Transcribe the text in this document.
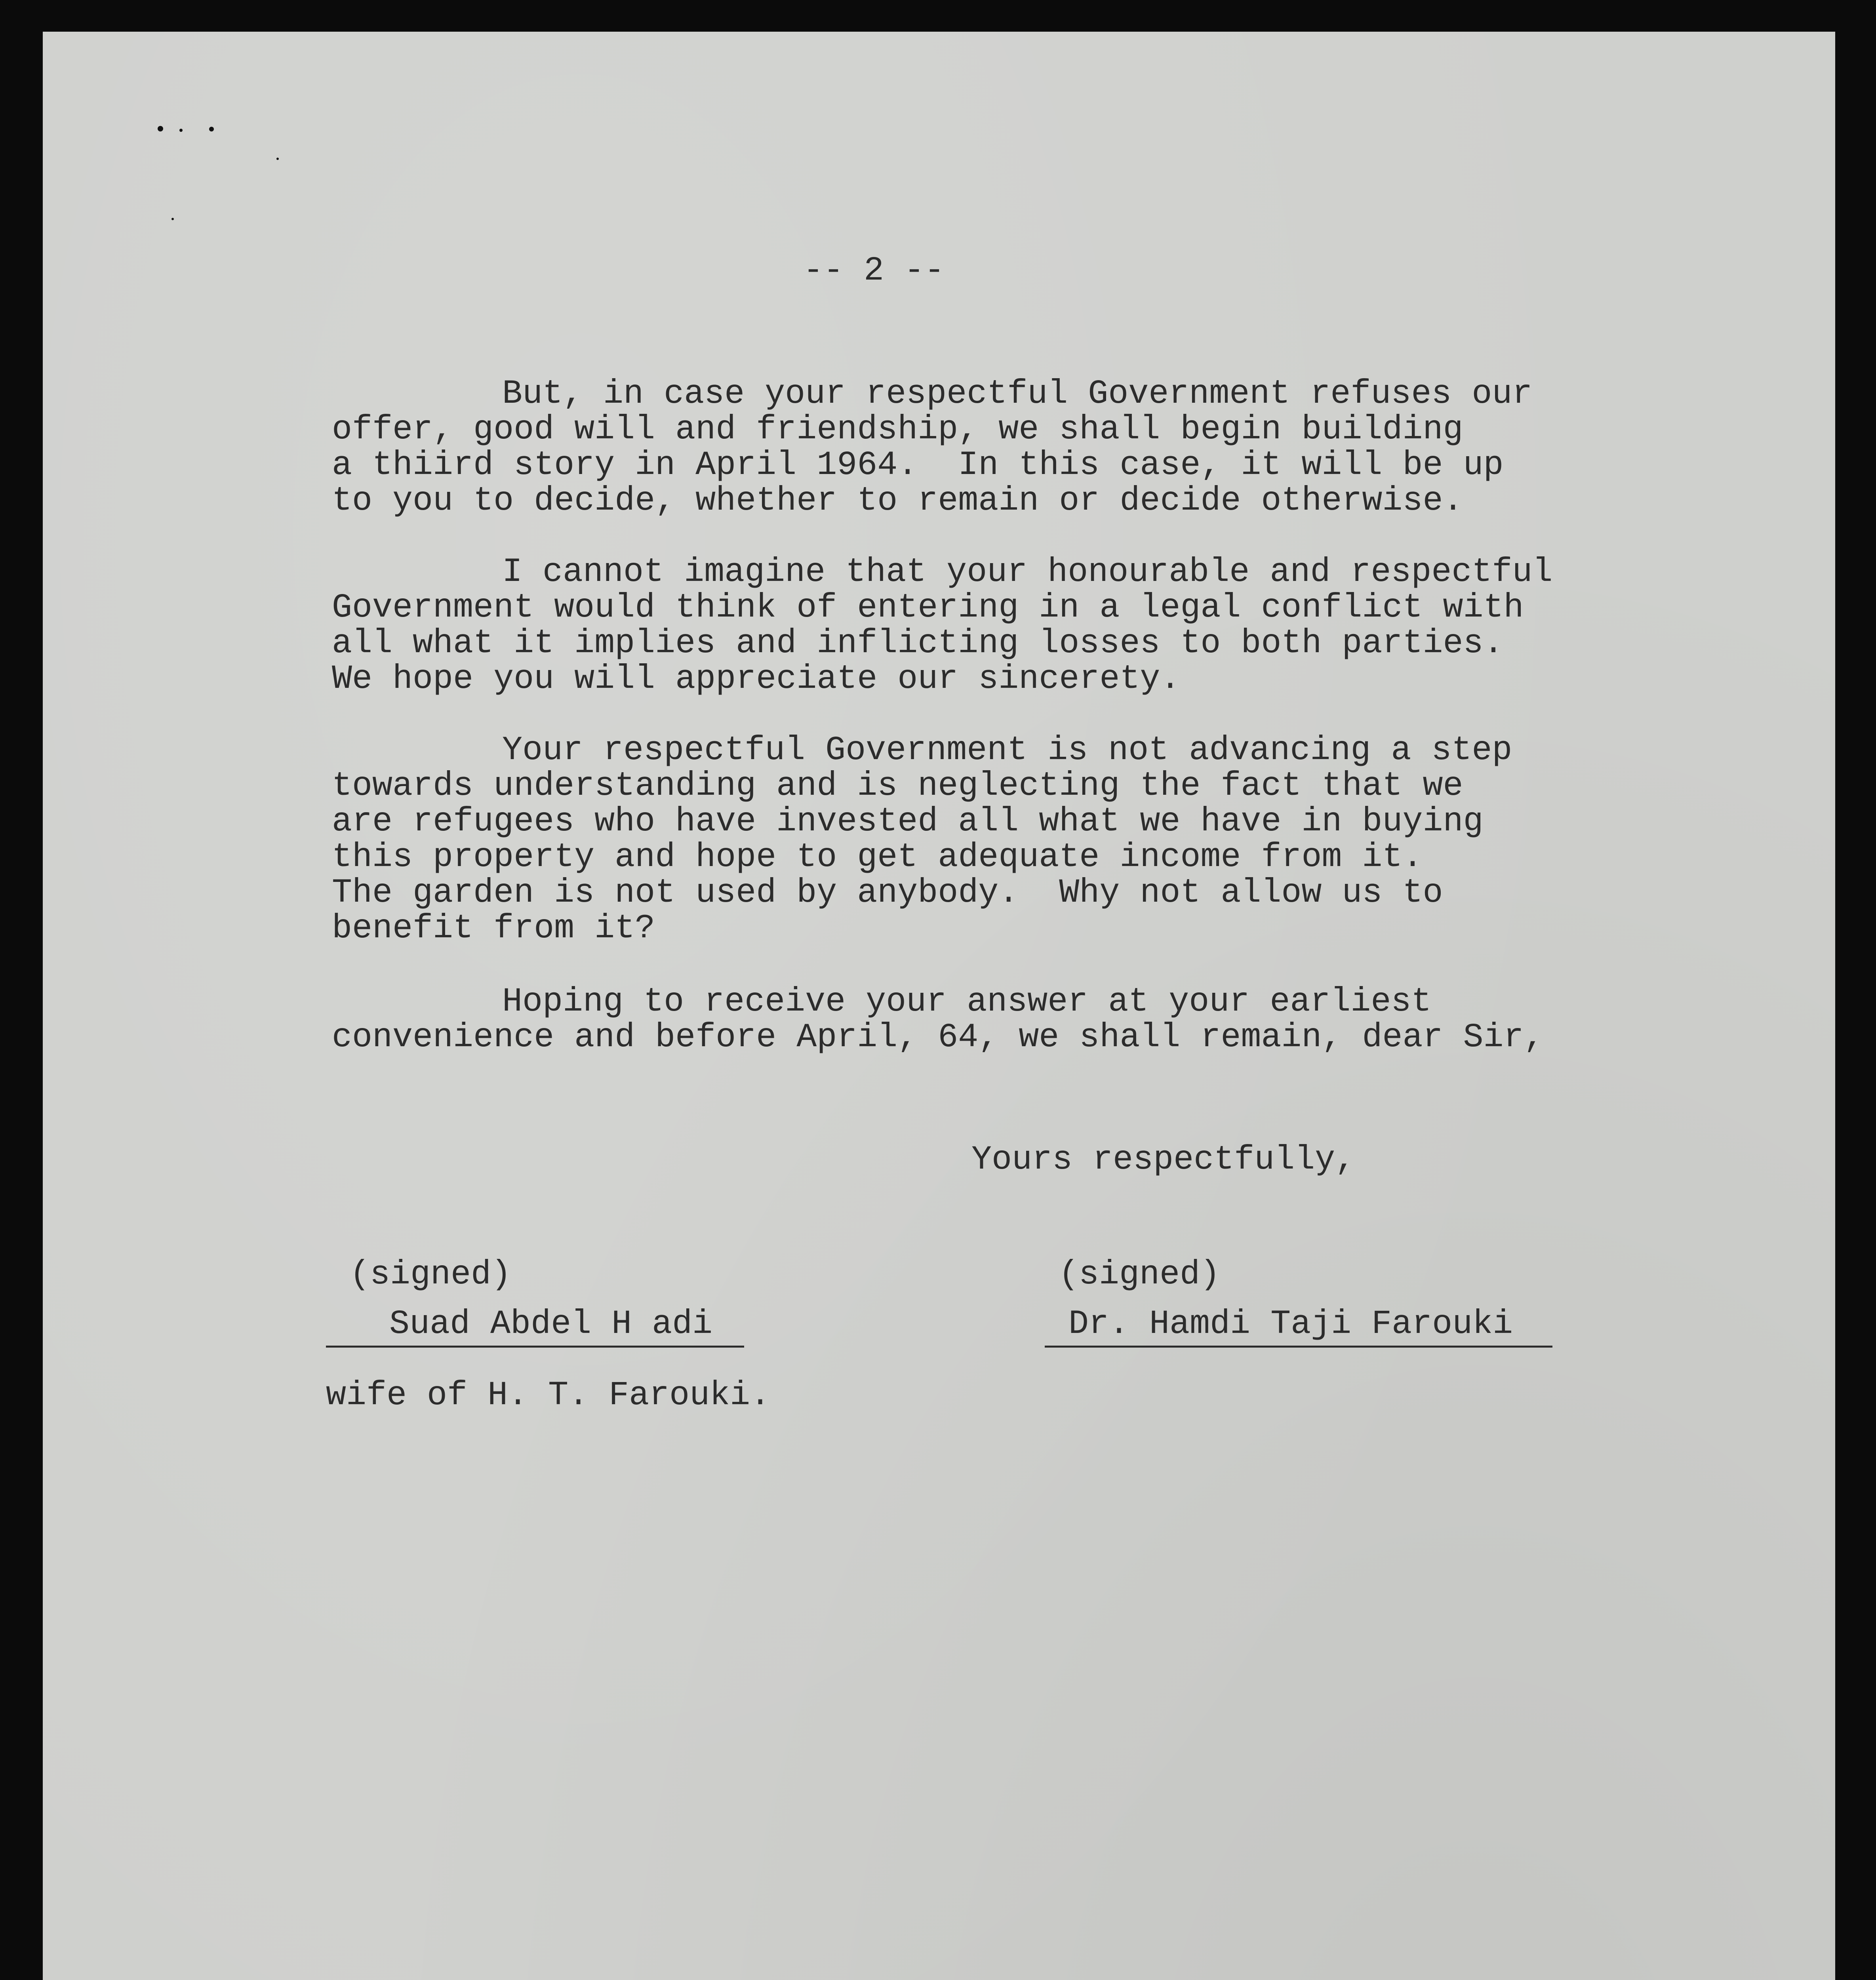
-- 2 --
But, in case your respectful Government refuses our
offer, good will and friendship, we shall begin building
a thiird story in April 1964.  In this case, it will be up
to you to decide, whether to remain or decide otherwise.
I cannot imagine that your honourable and respectful
Government would think of entering in a legal conflict with
all what it implies and inflicting losses to both parties.
We hope you will appreciate our sincerety.
Your respectful Government is not advancing a step
towards understanding and is neglecting the fact that we
are refugees who have invested all what we have in buying
this property and hope to get adequate income from it.
The garden is not used by anybody.  Why not allow us to
benefit from it?
Hoping to receive your answer at your earliest
convenience and before April, 64, we shall remain, dear Sir,
Yours respectfully,
(signed)
Suad Abdel H adi
wife of H. T. Farouki.
(signed)
Dr. Hamdi Taji Farouki
